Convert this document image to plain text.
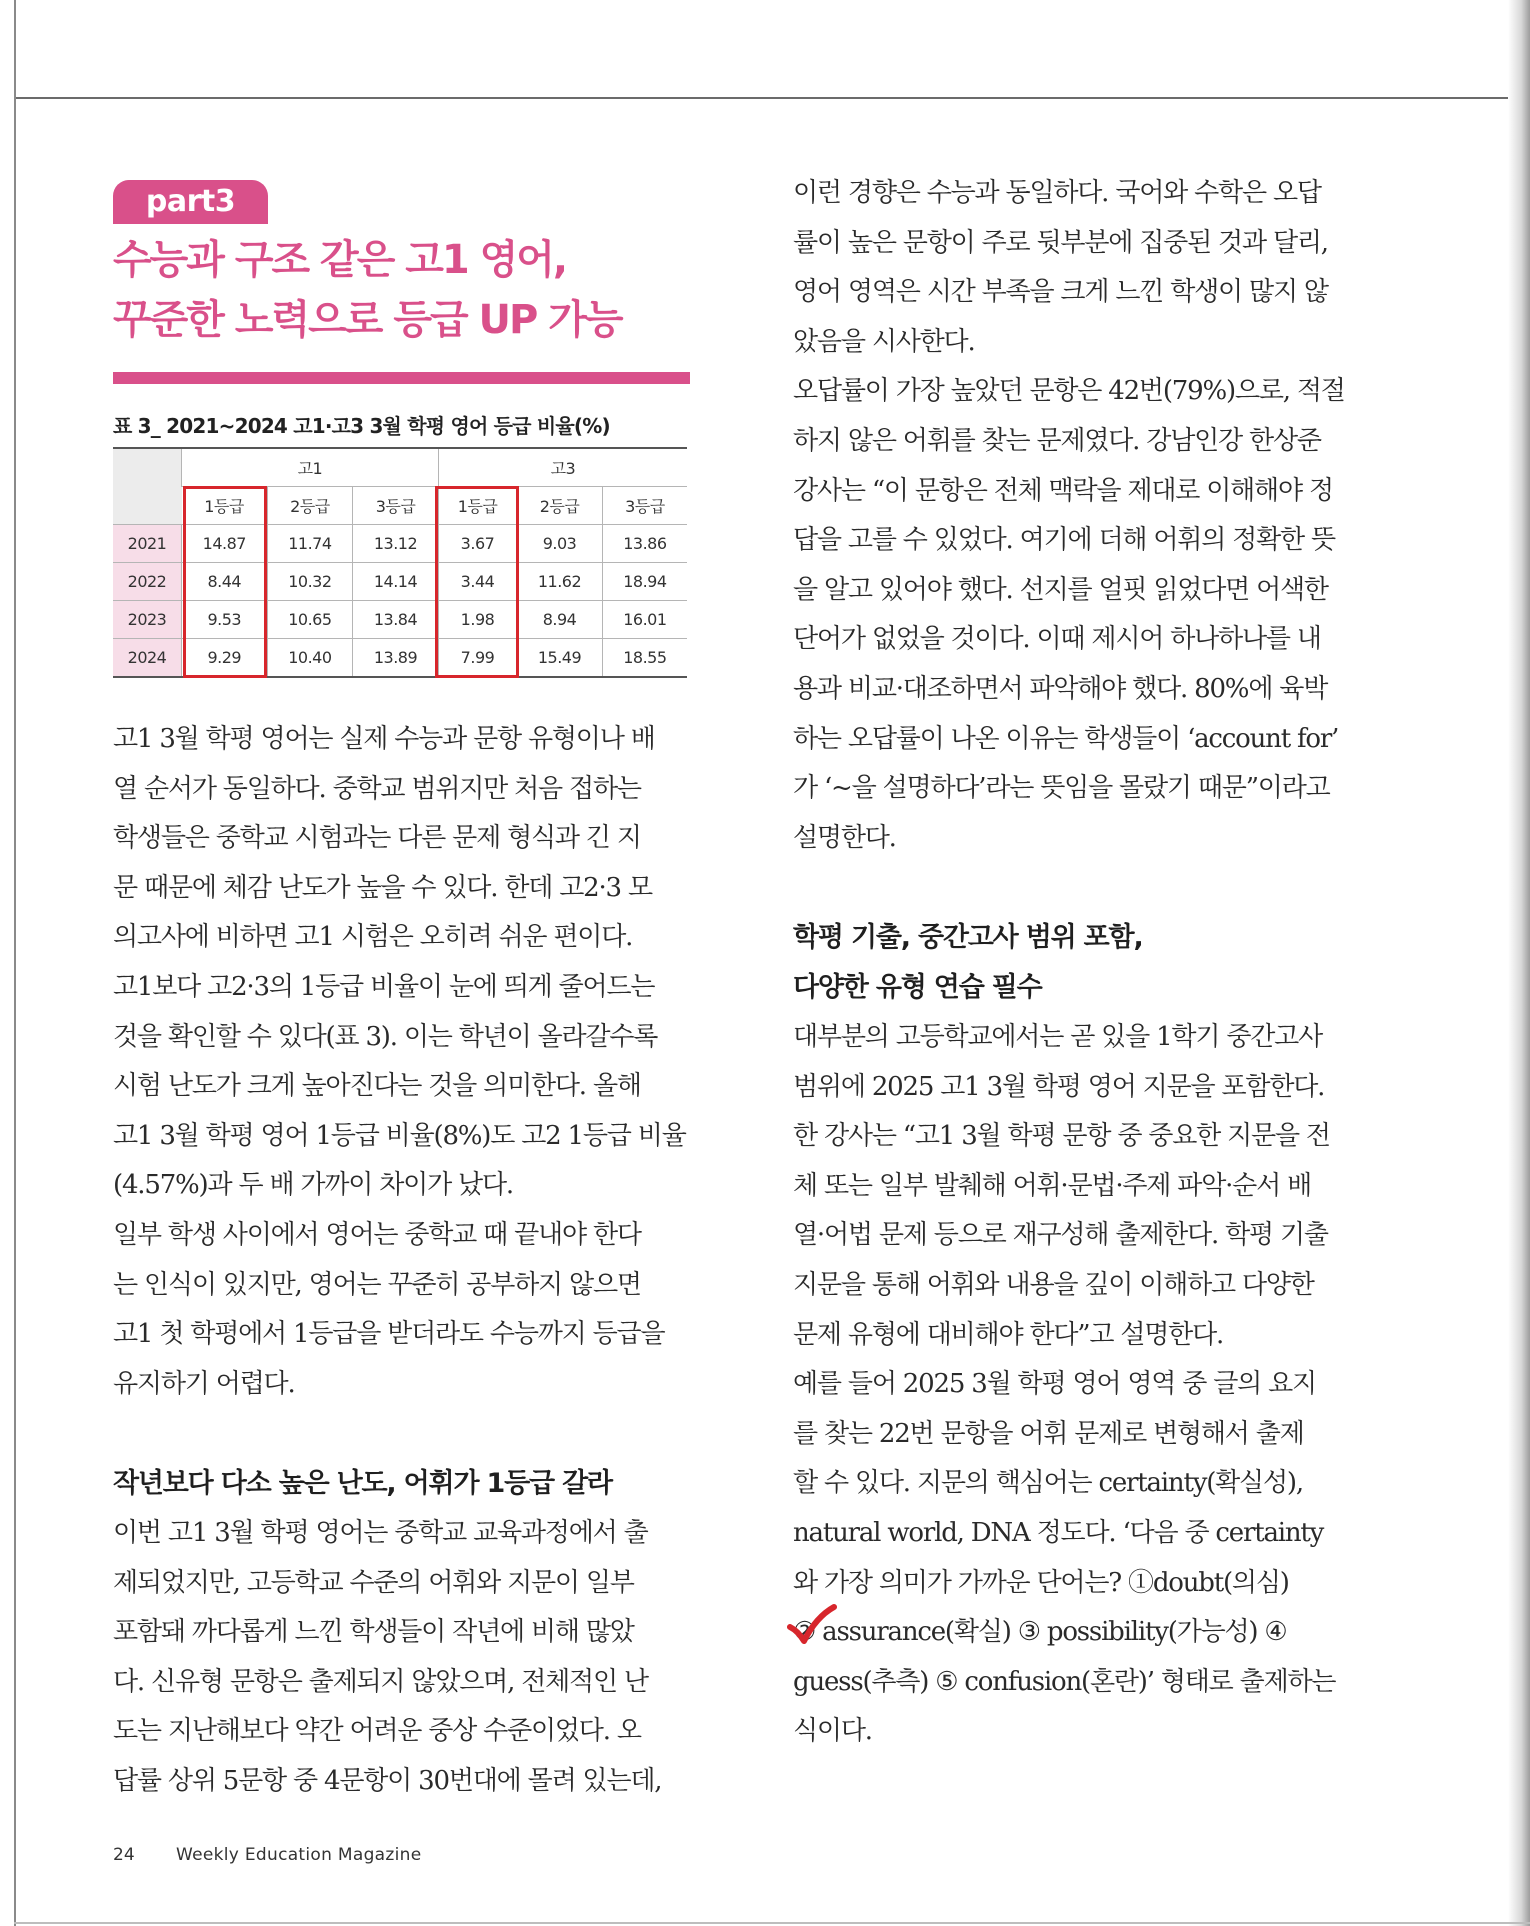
part3
수능과 구조 같은 고1 영어,
꾸준한 노력으로 등급 UP 가능
표 3_ 2021~2024 고1·고3 3월 학평 영어 등급 비율(%)
	고1			고3		
	1등급	2등급	3등급	1등급	2등급	3등급
2021	14.87	11.74	13.12	3.67	9.03	13.86
2022	8.44	10.32	14.14	3.44	11.62	18.94
2023	9.53	10.65	13.84	1.98	8.94	16.01
2024	9.29	10.40	13.89	7.99	15.49	18.55
고1 3월 학평 영어는 실제 수능과 문항 유형이나 배
열 순서가 동일하다. 중학교 범위지만 처음 접하는
학생들은 중학교 시험과는 다른 문제 형식과 긴 지
문 때문에 체감 난도가 높을 수 있다. 한데 고2·3 모
의고사에 비하면 고1 시험은 오히려 쉬운 편이다.
고1보다 고2·3의 1등급 비율이 눈에 띄게 줄어드는
것을 확인할 수 있다(표 3). 이는 학년이 올라갈수록
시험 난도가 크게 높아진다는 것을 의미한다. 올해
고1 3월 학평 영어 1등급 비율(8%)도 고2 1등급 비율
(4.57%)과 두 배 가까이 차이가 났다.
일부 학생 사이에서 영어는 중학교 때 끝내야 한다
는 인식이 있지만, 영어는 꾸준히 공부하지 않으면
고1 첫 학평에서 1등급을 받더라도 수능까지 등급을
유지하기 어렵다.
작년보다 다소 높은 난도, 어휘가 1등급 갈라
이번 고1 3월 학평 영어는 중학교 교육과정에서 출
제되었지만, 고등학교 수준의 어휘와 지문이 일부
포함돼 까다롭게 느낀 학생들이 작년에 비해 많았
다. 신유형 문항은 출제되지 않았으며, 전체적인 난
도는 지난해보다 약간 어려운 중상 수준이었다. 오
답률 상위 5문항 중 4문항이 30번대에 몰려 있는데,
이런 경향은 수능과 동일하다. 국어와 수학은 오답
률이 높은 문항이 주로 뒷부분에 집중된 것과 달리,
영어 영역은 시간 부족을 크게 느낀 학생이 많지 않
았음을 시사한다.
오답률이 가장 높았던 문항은 42번(79%)으로, 적절
하지 않은 어휘를 찾는 문제였다. 강남인강 한상준
강사는 “이 문항은 전체 맥락을 제대로 이해해야 정
답을 고를 수 있었다. 여기에 더해 어휘의 정확한 뜻
을 알고 있어야 했다. 선지를 얼핏 읽었다면 어색한
단어가 없었을 것이다. 이때 제시어 하나하나를 내
용과 비교·대조하면서 파악해야 했다. 80%에 육박
하는 오답률이 나온 이유는 학생들이 ‘account for’
가 ‘~을 설명하다’라는 뜻임을 몰랐기 때문”이라고
설명한다.
학평 기출, 중간고사 범위 포함,
다양한 유형 연습 필수
대부분의 고등학교에서는 곧 있을 1학기 중간고사
범위에 2025 고1 3월 학평 영어 지문을 포함한다.
한 강사는 “고1 3월 학평 문항 중 중요한 지문을 전
체 또는 일부 발췌해 어휘·문법·주제 파악·순서 배
열·어법 문제 등으로 재구성해 출제한다. 학평 기출
지문을 통해 어휘와 내용을 깊이 이해하고 다양한
문제 유형에 대비해야 한다”고 설명한다.
예를 들어 2025 3월 학평 영어 영역 중 글의 요지
를 찾는 22번 문항을 어휘 문제로 변형해서 출제
할 수 있다. 지문의 핵심어는 certainty(확실성),
natural world, DNA 정도다. ‘다음 중 certainty
와 가장 의미가 가까운 단어는? ①doubt(의심)
② assurance(확실) ③ possibility(가능성) ④
guess(추측) ⑤ confusion(혼란)’ 형태로 출제하는
식이다.
24 Weekly Education Magazine
